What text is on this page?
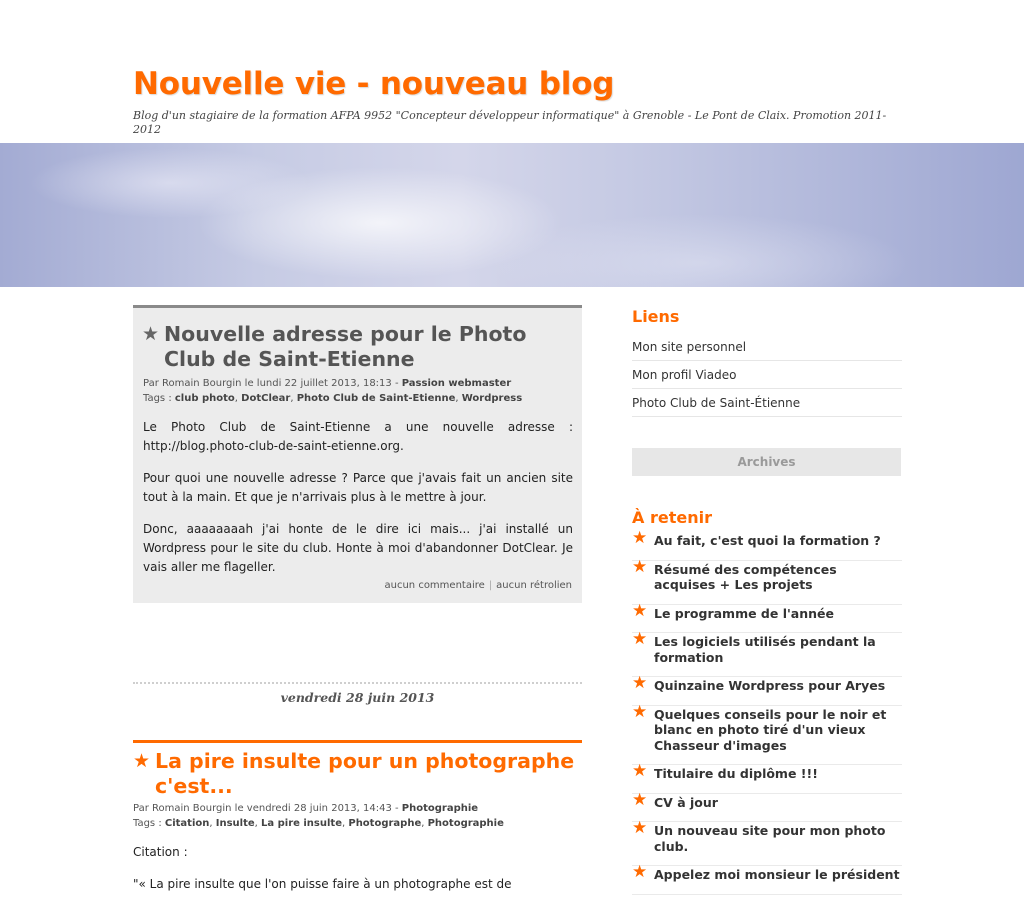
Nouvelle vie - nouveau blog

Blog d'un stagiaire de la formation AFPA 9952 "Concepteur développeur informatique" à Grenoble - Le Pont de Claix. Promotion 2011-2012

★ Nouvelle adresse pour le Photo Club de Saint-Etienne
Par Romain Bourgin le lundi 22 juillet 2013, 18:13 - Passion webmaster
Tags : club photo, DotClear, Photo Club de Saint-Etienne, Wordpress

Le Photo Club de Saint-Etienne a une nouvelle adresse : http://blog.photo-club-de-saint-etienne.org.

Pour quoi une nouvelle adresse ? Parce que j'avais fait un ancien site tout à la main. Et que je n'arrivais plus à le mettre à jour.

Donc, aaaaaaaah j'ai honte de le dire ici mais... j'ai installé un Wordpress pour le site du club. Honte à moi d'abandonner DotClear. Je vais aller me flageller.

aucun commentaire | aucun rétrolien
vendredi 28 juin 2013
★ La pire insulte pour un photographe c'est...
Par Romain Bourgin le vendredi 28 juin 2013, 14:43 - Photographie
Tags : Citation, Insulte, La pire insulte, Photographe, Photographie

Citation :

"« La pire insulte que l'on puisse faire à un photographe est de

Liens
Mon site personnel
Mon profil Viadeo
Photo Club de Saint-Étienne
Archives
À retenir
★ Au fait, c'est quoi la formation ?
★ Résumé des compétences acquises + Les projets
★ Le programme de l'année
★ Les logiciels utilisés pendant la formation
★ Quinzaine Wordpress pour Aryes
★ Quelques conseils pour le noir et blanc en photo tiré d'un vieux Chasseur d'images
★ Titulaire du diplôme !!!
★ CV à jour
★ Un nouveau site pour mon photo club.
★ Appelez moi monsieur le président
